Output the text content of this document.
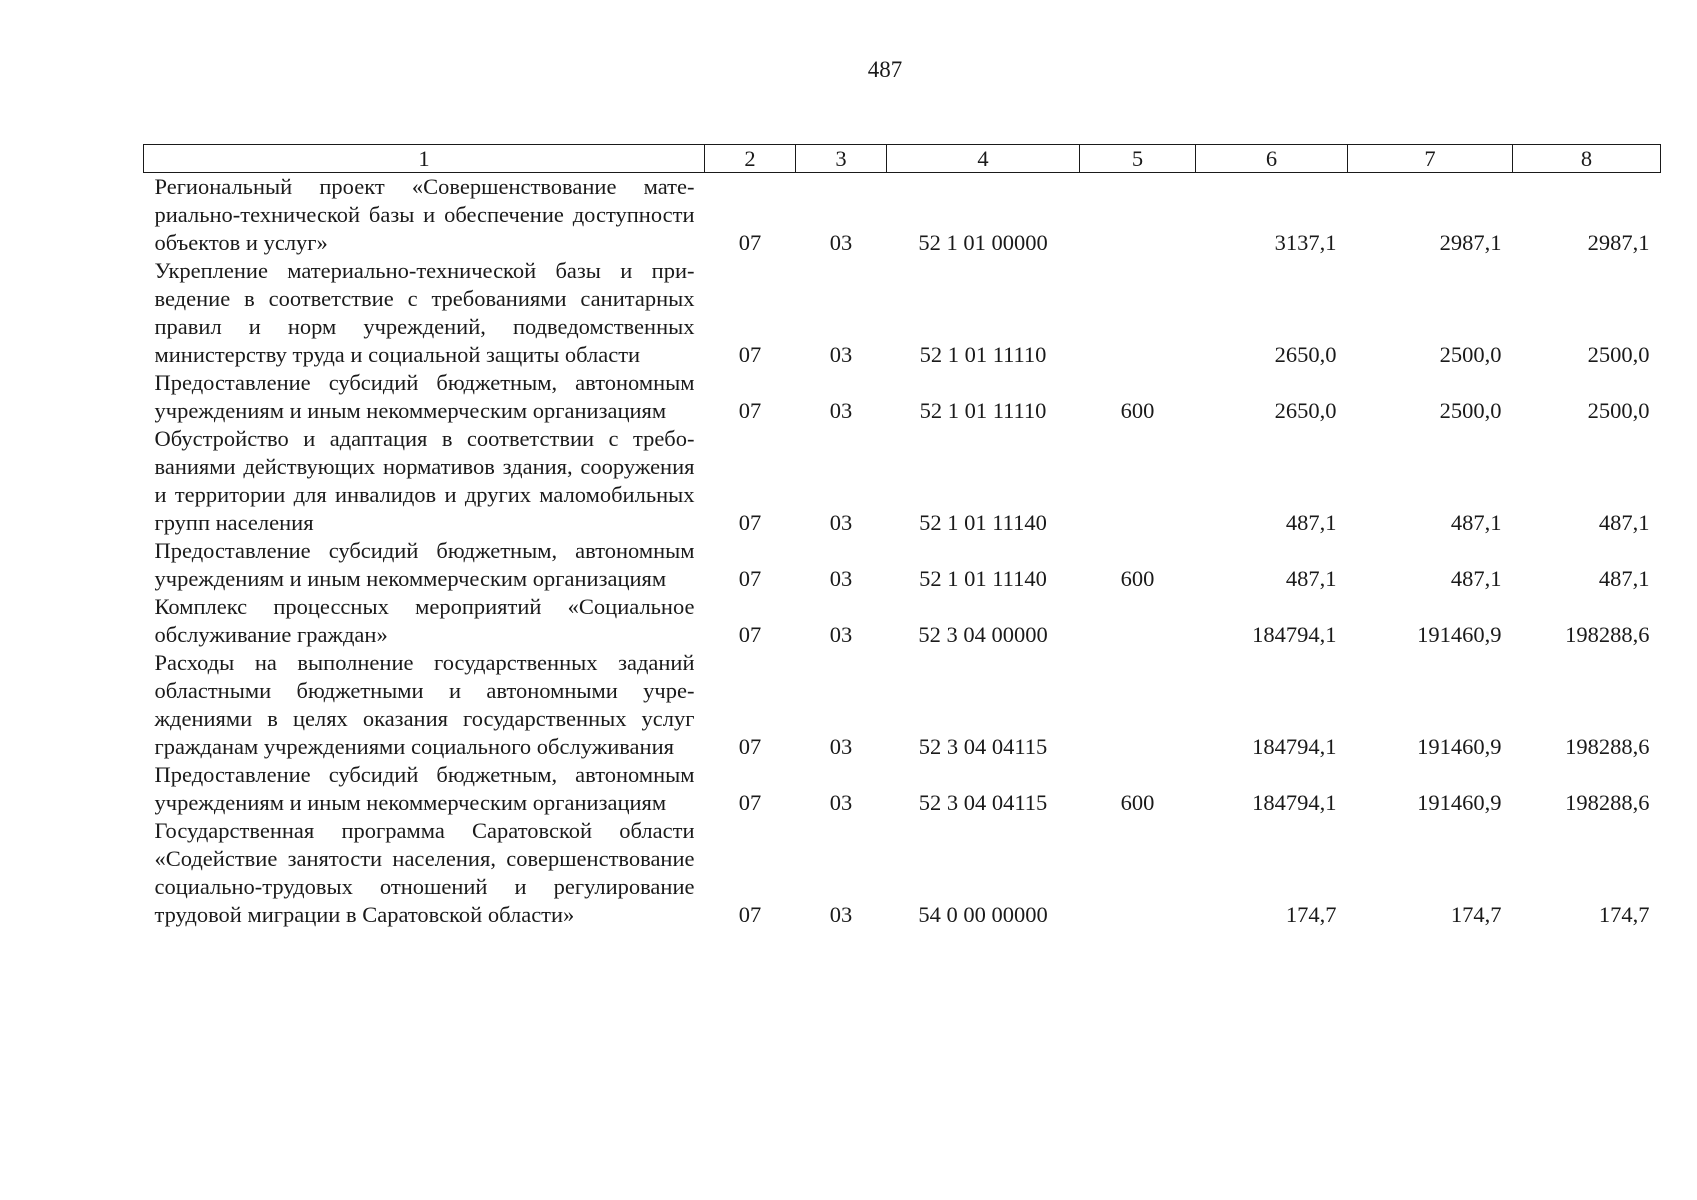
487
1	2	3	4	5	6	7	8
Региональный проект «Совершенствование материально-технической базы и обеспечение доступности объектов и услуг»	07	03	52 1 01 00000		3137,1	2987,1	2987,1
Укрепление материально-технической базы и приведение в соответствие с требованиями санитарных правил и норм учреждений, подведомственных министерству труда и социальной защиты области	07	03	52 1 01 11110		2650,0	2500,0	2500,0
Предоставление субсидий бюджетным, автономным учреждениям и иным некоммерческим организациям	07	03	52 1 01 11110	600	2650,0	2500,0	2500,0
Обустройство и адаптация в соответствии с требованиями действующих нормативов здания, сооружения и территории для инвалидов и других маломобильных групп населения	07	03	52 1 01 11140		487,1	487,1	487,1
Предоставление субсидий бюджетным, автономным учреждениям и иным некоммерческим организациям	07	03	52 1 01 11140	600	487,1	487,1	487,1
Комплекс процессных мероприятий «Социальное обслуживание граждан»	07	03	52 3 04 00000		184794,1	191460,9	198288,6
Расходы на выполнение государственных заданий областными бюджетными и автономными учреждениями в целях оказания государственных услуг гражданам учреждениями социального обслуживания	07	03	52 3 04 04115		184794,1	191460,9	198288,6
Предоставление субсидий бюджетным, автономным учреждениям и иным некоммерческим организациям	07	03	52 3 04 04115	600	184794,1	191460,9	198288,6
Государственная программа Саратовской области «Содействие занятости населения, совершенствование социально-трудовых отношений и регулирование трудовой миграции в Саратовской области»	07	03	54 0 00 00000		174,7	174,7	174,7
